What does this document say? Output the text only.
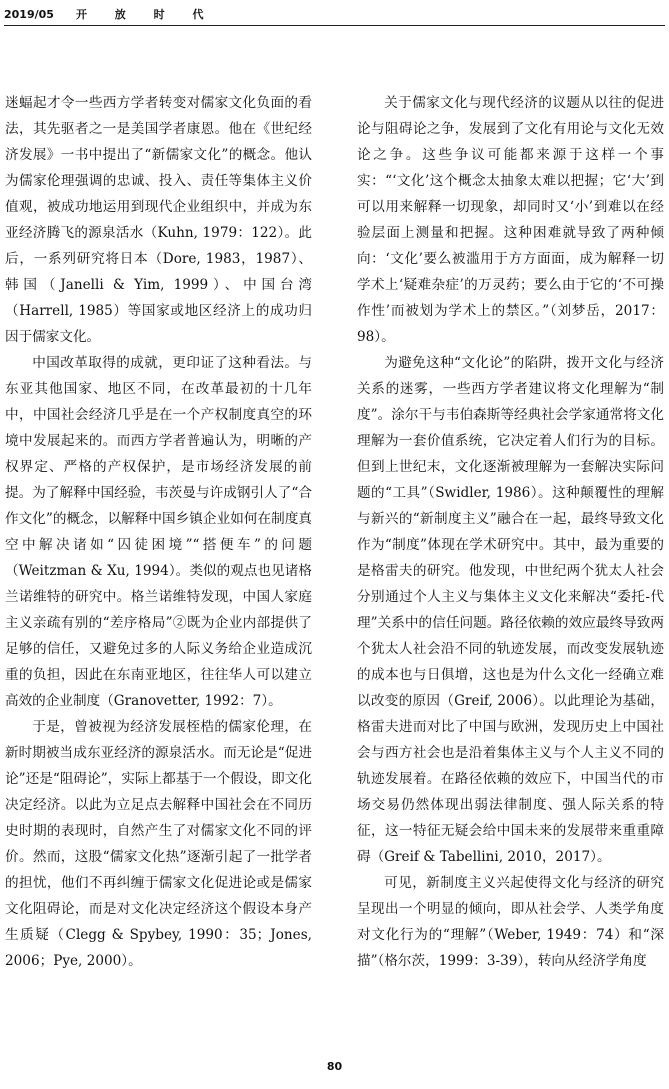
2019/05 开 放 时 代

迷蝠起才令一些西方学者转变对儒家文化负面的看法，其先驱者之一是美国学者康恩。他在《世纪经济发展》一书中提出了“新儒家文化”的概念。他认为儒家伦理强调的忠诚、投入、责任等集体主义价值观，被成功地运用到现代企业组织中，并成为东亚经济腾飞的源泉活水（Kuhn, 1979：122）。此后，一系列研究将日本（Dore, 1983，1987）、韩国（Janelli & Yim, 1999）、中国台湾（Harrell, 1985）等国家或地区经济上的成功归因于儒家文化。

中国改革取得的成就，更印证了这种看法。与东亚其他国家、地区不同，在改革最初的十几年中，中国社会经济几乎是在一个产权制度真空的环境中发展起来的。而西方学者普遍认为，明晰的产权界定、严格的产权保护，是市场经济发展的前提。为了解释中国经验，韦茨曼与许成钢引人了“合作文化”的概念，以解释中国乡镇企业如何在制度真空中解决诸如“囚徒困境”“搭便车”的问题（Weitzman & Xu, 1994）。类似的观点也见诸格兰诺维特的研究中。格兰诺维特发现，中国人家庭主义亲疏有别的“差序格局”②既为企业内部提供了足够的信任，又避免过多的人际义务给企业造成沉重的负担，因此在东南亚地区，往往华人可以建立高效的企业制度（Granovetter, 1992：7）。

于是，曾被视为经济发展桎梏的儒家伦理，在新时期被当成东亚经济的源泉活水。而无论是“促进论”还是“阻碍论”，实际上都基于一个假设，即文化决定经济。以此为立足点去解释中国社会在不同历史时期的表现时，自然产生了对儒家文化不同的评价。然而，这股“儒家文化热”逐渐引起了一批学者的担忧，他们不再纠缠于儒家文化促进论或是儒家文化阻碍论，而是对文化决定经济这个假设本身产生质疑（Clegg & Spybey, 1990：35；Jones, 2006；Pye, 2000）。

关于儒家文化与现代经济的议题从以往的促进论与阻碍论之争，发展到了文化有用论与文化无效论之争。这些争议可能都来源于这样一个事实：“‘文化’这个概念太抽象太难以把握；它‘大’到可以用来解释一切现象，却同时又‘小’到难以在经验层面上测量和把握。这种困难就导致了两种倾向：‘文化’要么被滥用于方方面面，成为解释一切学术上‘疑难杂症’的万灵药；要么由于它的‘不可操作性’而被划为学术上的禁区。”（刘梦岳，2017：98）。

为避免这种“文化论”的陷阱，拨开文化与经济关系的迷雾，一些西方学者建议将文化理解为“制度”。涂尔干与韦伯森斯等经典社会学家通常将文化理解为一套价值系统，它决定着人们行为的目标。但到上世纪末，文化逐渐被理解为一套解决实际问题的“工具”（Swidler, 1986）。这种颠覆性的理解与新兴的“新制度主义”融合在一起，最终导致文化作为“制度”体现在学术研究中。其中，最为重要的是格雷夫的研究。他发现，中世纪两个犹太人社会分别通过个人主义与集体主义文化来解决“委托-代理”关系中的信任问题。路径依赖的效应最终导致两个犹太人社会沿不同的轨迹发展，而改变发展轨迹的成本也与日俱增，这也是为什么文化一经确立难以改变的原因（Greif, 2006）。以此理论为基础，格雷夫进而对比了中国与欧洲，发现历史上中国社会与西方社会也是沿着集体主义与个人主义不同的轨迹发展着。在路径依赖的效应下，中国当代的市场交易仍然体现出弱法律制度、强人际关系的特征，这一特征无疑会给中国未来的发展带来重重障碍（Greif & Tabellini, 2010，2017）。

可见，新制度主义兴起使得文化与经济的研究呈现出一个明显的倾向，即从社会学、人类学角度对文化行为的“理解”（Weber, 1949：74）和“深描”（格尔茨，1999：3-39），转向从经济学角度

80
